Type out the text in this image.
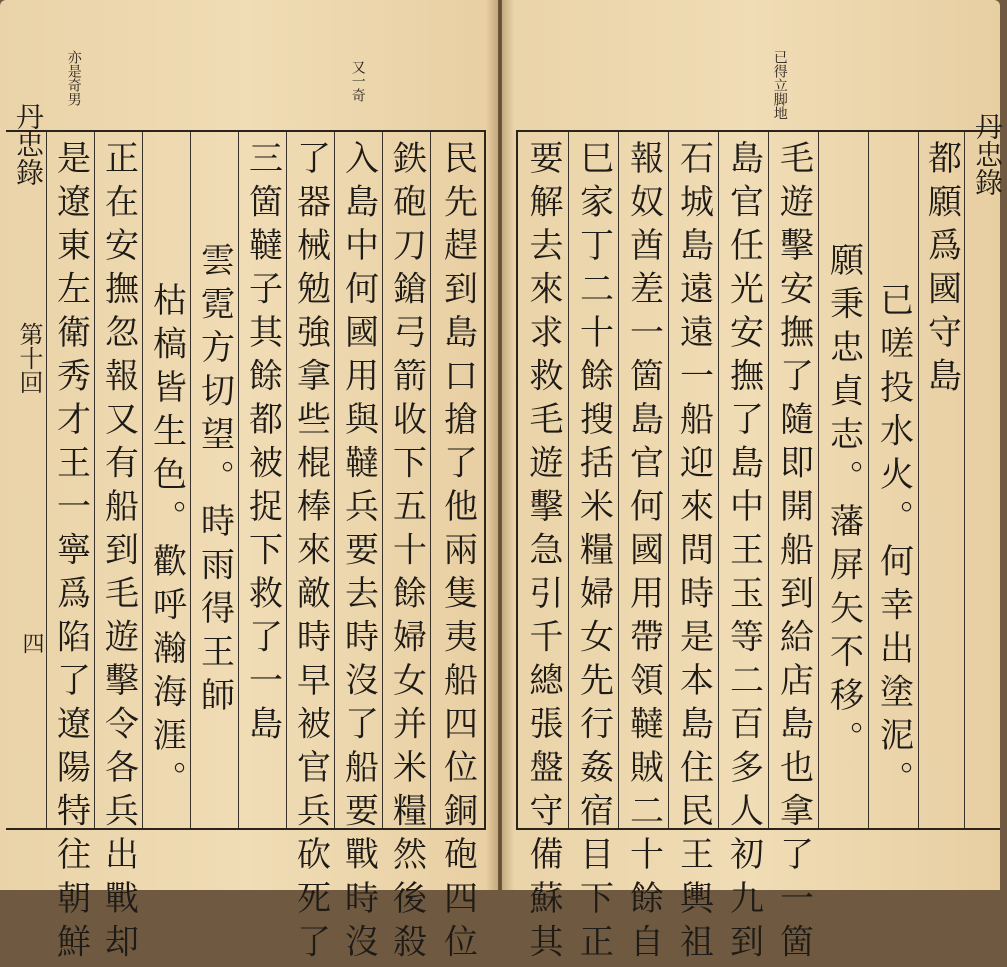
亦是奇男	又一奇
丹忠錄
第十回
四 是遼東左衛秀才王一寧爲陷了遼陽特往朝鮮 正在安撫忽報又有船到毛遊擊令各兵出戰却 枯槁皆生色。歡呼瀚海涯。 雲霓方切望。時雨得王師 三箇韃子其餘都被捉下救了一島 了器械勉強拿些棍棒來敵時早被官兵砍死了 入島中何國用與韃兵要去時沒了船要戰時沒 鉄砲刀鎗弓箭收下五十餘婦女并米糧然後殺 民先趕到島口搶了他兩隻夷船四位銅砲四位
已得立脚地
要解去來求救毛遊擊急引千總張盤守備蘇其 巳家丁二十餘搜括米糧婦女先行姦宿目下正 報奴酋差一箇島官何國用帶領韃賊二十餘自 石城島遠遠一船迎來問時是本島住民王輿祖 島官任光安撫了島中王玉等二百多人初九到 毛遊擊安撫了隨即開船到給店島也拿了一箇 願秉忠貞志。藩屏矢不移。 已嗟投水火。何幸出塗泥。
都願爲國守島 丹忠錄
